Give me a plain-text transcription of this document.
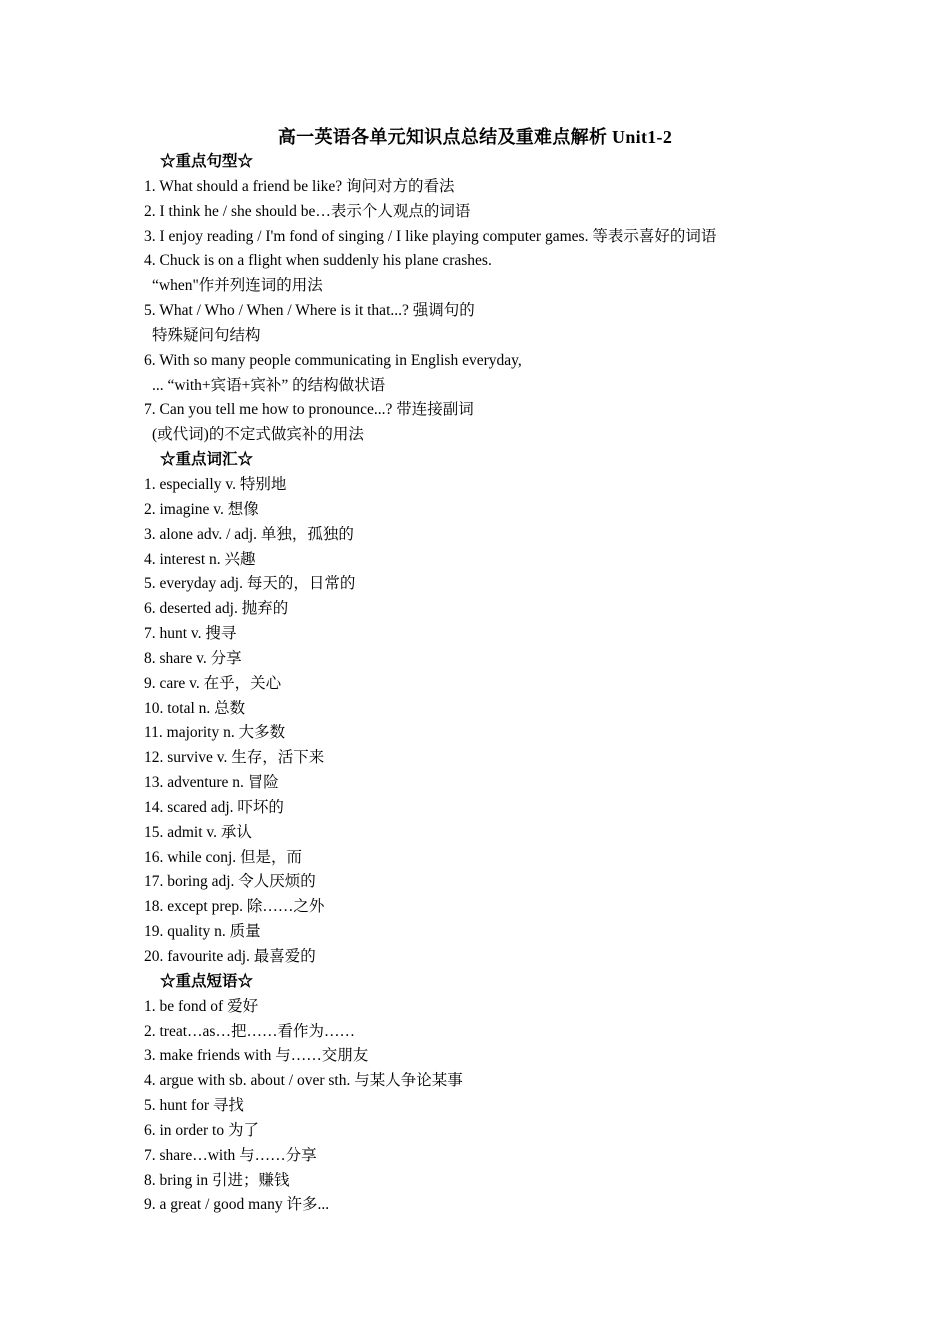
高一英语各单元知识点总结及重难点解析 Unit1-2
☆重点句型☆
1. What should a friend be like? 询问对方的看法
2. I think he / she should be…表示个人观点的词语
3. I enjoy reading / I'm fond of singing / I like playing computer games. 等表示喜好的词语
4. Chuck is on a flight when suddenly his plane crashes.
“when"作并列连词的用法
5. What / Who / When / Where is it that...? 强调句的
特殊疑问句结构
6. With so many people communicating in English everyday,
... “with+宾语+宾补” 的结构做状语
7. Can you tell me how to pronounce...? 带连接副词
(或代词)的不定式做宾补的用法
☆重点词汇☆
1. especially v. 特别地
2. imagine v. 想像
3. alone adv. / adj. 单独，孤独的
4. interest n. 兴趣
5. everyday adj. 每天的，日常的
6. deserted adj. 抛弃的
7. hunt v. 搜寻
8. share v. 分享
9. care v. 在乎，关心
10. total n. 总数
11. majority n. 大多数
12. survive v. 生存，活下来
13. adventure n. 冒险
14. scared adj. 吓坏的
15. admit v. 承认
16. while conj. 但是，而
17. boring adj. 令人厌烦的
18. except prep. 除……之外
19. quality n. 质量
20. favourite adj. 最喜爱的
☆重点短语☆
1. be fond of 爱好
2. treat…as…把……看作为……
3. make friends with 与……交朋友
4. argue with sb. about / over sth. 与某人争论某事
5. hunt for 寻找
6. in order to 为了
7. share…with 与……分享
8. bring in 引进；赚钱
9. a great / good many 许多...
